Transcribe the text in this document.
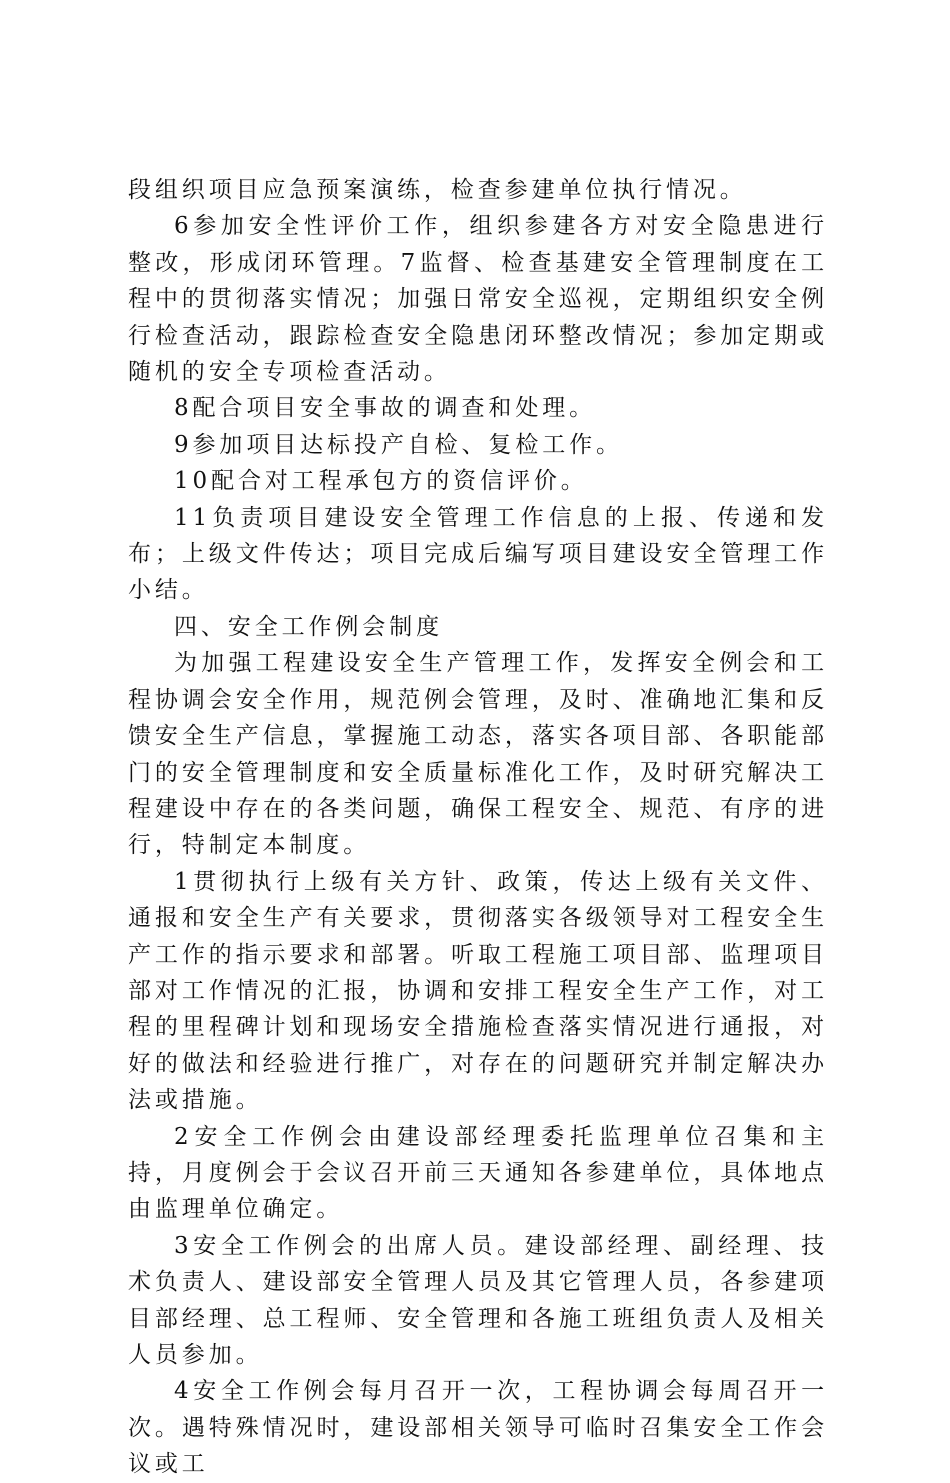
段组织项目应急预案演练，检查参建单位执行情况。

6参加安全性评价工作，组织参建各方对安全隐患进行整改，形成闭环管理。7监督、检查基建安全管理制度在工程中的贯彻落实情况；加强日常安全巡视，定期组织安全例行检查活动，跟踪检查安全隐患闭环整改情况；参加定期或随机的安全专项检查活动。

8配合项目安全事故的调查和处理。

9参加项目达标投产自检、复检工作。

10配合对工程承包方的资信评价。

11负责项目建设安全管理工作信息的上报、传递和发布；上级文件传达；项目完成后编写项目建设安全管理工作小结。

四、安全工作例会制度

为加强工程建设安全生产管理工作，发挥安全例会和工程协调会安全作用，规范例会管理，及时、准确地汇集和反馈安全生产信息，掌握施工动态，落实各项目部、各职能部门的安全管理制度和安全质量标准化工作，及时研究解决工程建设中存在的各类问题，确保工程安全、规范、有序的进行，特制定本制度。

1贯彻执行上级有关方针、政策，传达上级有关文件、通报和安全生产有关要求，贯彻落实各级领导对工程安全生产工作的指示要求和部署。听取工程施工项目部、监理项目部对工作情况的汇报，协调和安排工程安全生产工作，对工程的里程碑计划和现场安全措施检查落实情况进行通报，对好的做法和经验进行推广，对存在的问题研究并制定解决办法或措施。

2安全工作例会由建设部经理委托监理单位召集和主持，月度例会于会议召开前三天通知各参建单位，具体地点由监理单位确定。

3安全工作例会的出席人员。建设部经理、副经理、技术负责人、建设部安全管理人员及其它管理人员，各参建项目部经理、总工程师、安全管理和各施工班组负责人及相关人员参加。

4安全工作例会每月召开一次，工程协调会每周召开一次。遇特殊情况时，建设部相关领导可临时召集安全工作会议或工
